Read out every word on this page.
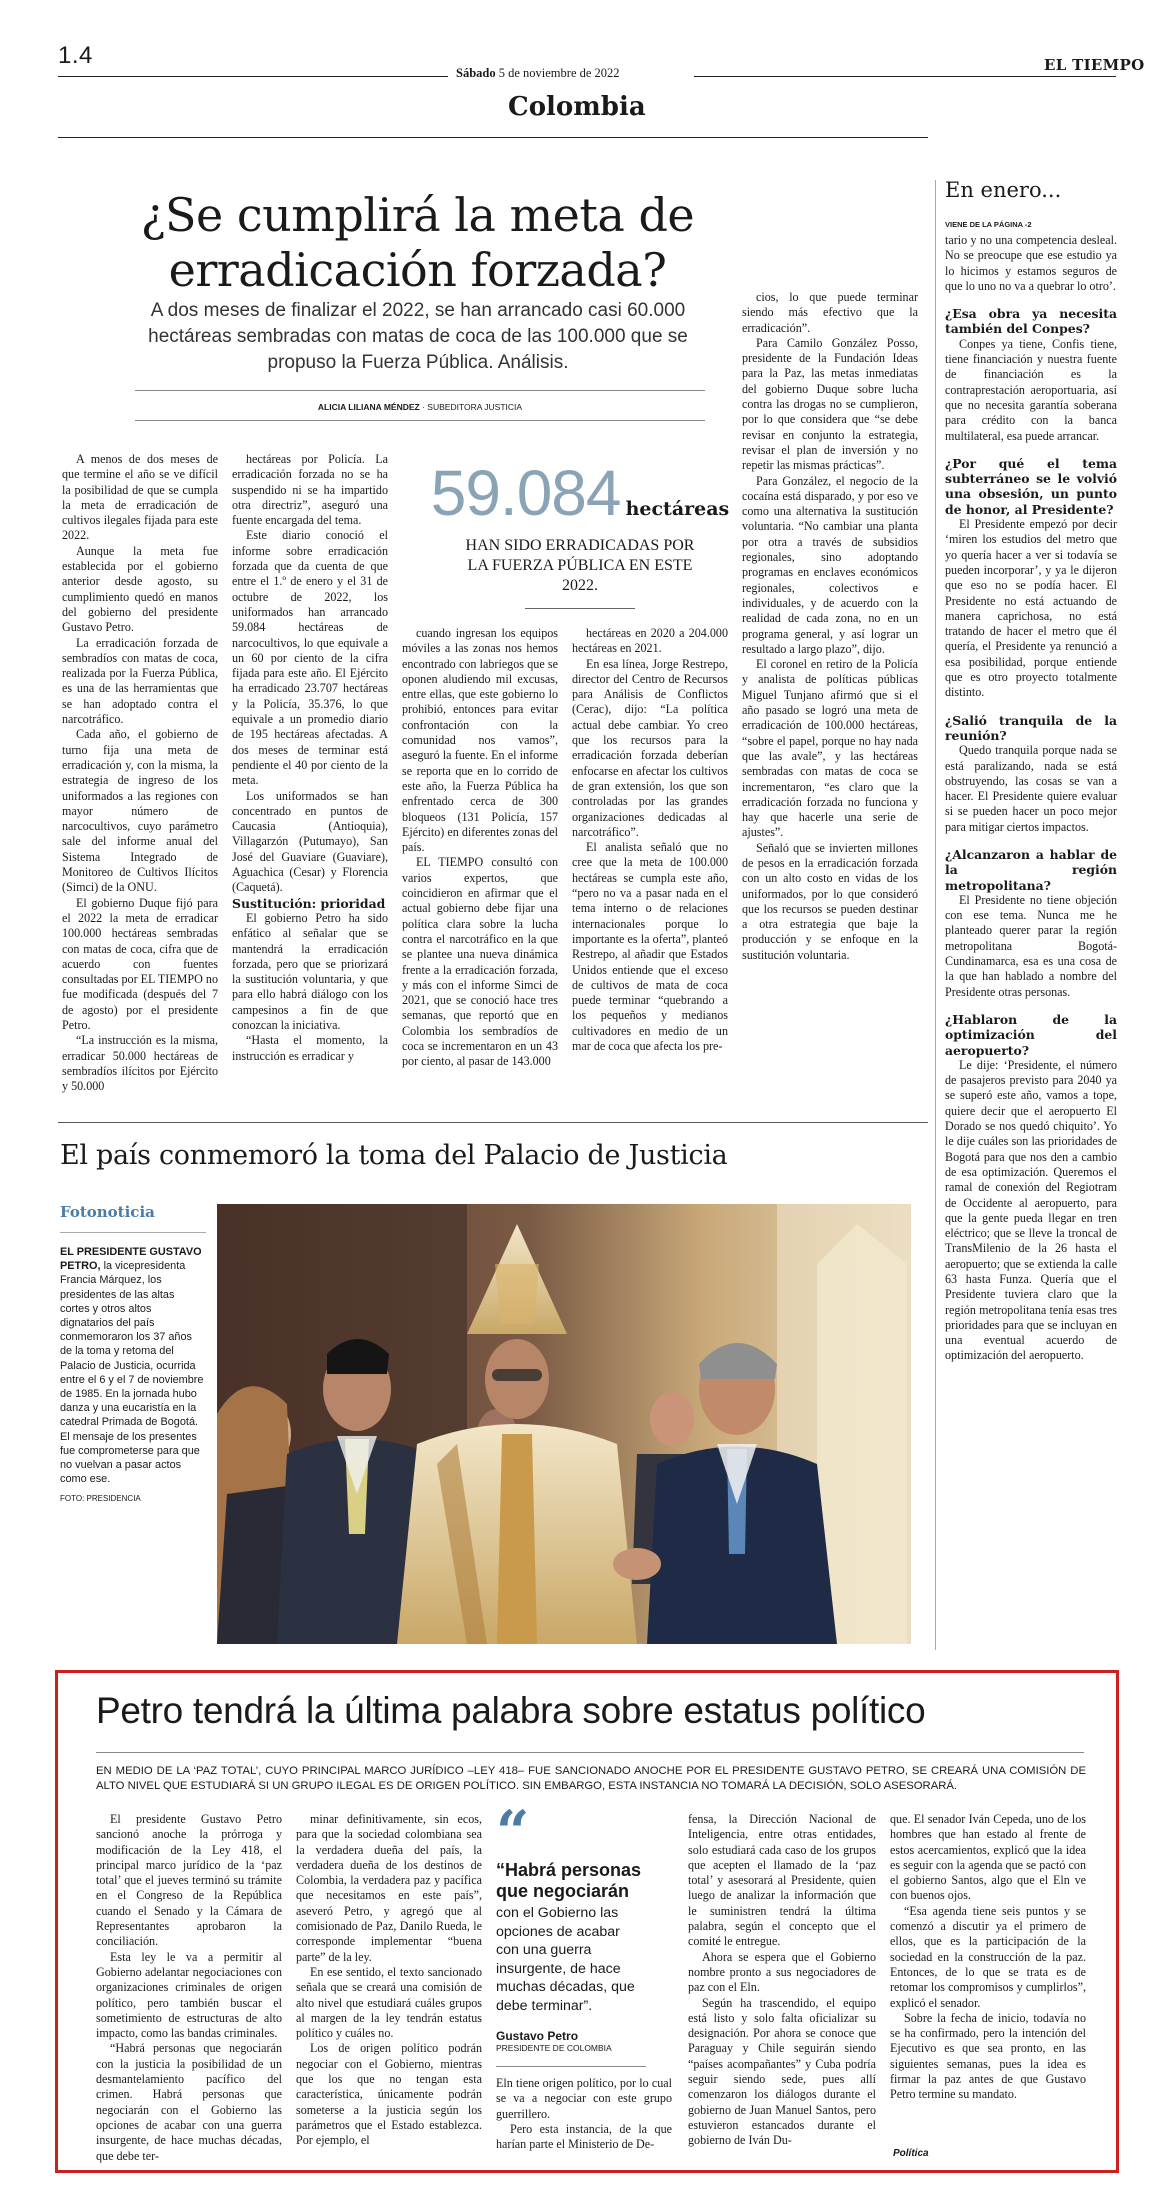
1.4
Sábado 5 de noviembre de 2022	EL TIEMPO
Colombia
¿Se cumplirá la meta de
erradicación forzada?
A dos meses de finalizar el 2022, se han arrancado casi 60.000 hectáreas sembradas con matas de coca de las 100.000 que se propuso la Fuerza Pública. Análisis.
ALICIA LILIANA MÉNDEZ · SUBEDITORA JUSTICIA

A menos de dos meses de que termine el año se ve difícil la posibilidad de que se cumpla la meta de erradicación de cultivos ilegales fijada para este 2022.

Aunque la meta fue establecida por el gobierno anterior desde agosto, su cumplimiento quedó en manos del gobierno del presidente Gustavo Petro.

La erradicación forzada de sembradíos con matas de coca, realizada por la Fuerza Pública, es una de las herramientas que se han adoptado contra el narcotráfico.

Cada año, el gobierno de turno fija una meta de erradicación y, con la misma, la estrategia de ingreso de los uniformados a las regiones con mayor número de narcocultivos, cuyo parámetro sale del informe anual del Sistema Integrado de Monitoreo de Cultivos Ilícitos (Simci) de la ONU.

El gobierno Duque fijó para el 2022 la meta de erradicar 100.000 hectáreas sembradas con matas de coca, cifra que de acuerdo con fuentes consultadas por EL TIEMPO no fue modificada (después del 7 de agosto) por el presidente Petro.

“La instrucción es la misma, erradicar 50.000 hectáreas de sembradíos ilícitos por Ejército y 50.000

hectáreas por Policía. La erradicación forzada no se ha suspendido ni se ha impartido otra directriz”, aseguró una fuente encargada del tema.

Este diario conoció el informe sobre erradicación forzada que da cuenta de que entre el 1.º de enero y el 31 de octubre de 2022, los uniformados han arrancado 59.084 hectáreas de narcocultivos, lo que equivale a un 60 por ciento de la cifra fijada para este año. El Ejército ha erradicado 23.707 hectáreas y la Policía, 35.376, lo que equivale a un promedio diario de 195 hectáreas afectadas. A dos meses de terminar está pendiente el 40 por ciento de la meta.

Los uniformados se han concentrado en puntos de Caucasia (Antioquia), Villagarzón (Putumayo), San José del Guaviare (Guaviare), Aguachica (Cesar) y Florencia (Caquetá).

Sustitución: prioridad

El gobierno Petro ha sido enfático al señalar que se mantendrá la erradicación forzada, pero que se priorizará la sustitución voluntaria, y que para ello habrá diálogo con los campesinos a fin de que conozcan la iniciativa.

“Hasta el momento, la instrucción es erradicar y

59.084 hectáreas
HAN SIDO ERRADICADAS POR LA FUERZA PÚBLICA EN ESTE 2022.

cuando ingresan los equipos móviles a las zonas nos hemos encontrado con labriegos que se oponen aludiendo mil excusas, entre ellas, que este gobierno lo prohibió, entonces para evitar confrontación con la comunidad nos vamos”, aseguró la fuente. En el informe se reporta que en lo corrido de este año, la Fuerza Pública ha enfrentado cerca de 300 bloqueos (131 Policía, 157 Ejército) en diferentes zonas del país.

EL TIEMPO consultó con varios expertos, que coincidieron en afirmar que el actual gobierno debe fijar una política clara sobre la lucha contra el narcotráfico en la que se plantee una nueva dinámica frente a la erradicación forzada, y más con el informe Simci de 2021, que se conoció hace tres semanas, que reportó que en Colombia los sembradíos de coca se incrementaron en un 43 por ciento, al pasar de 143.000

hectáreas en 2020 a 204.000 hectáreas en 2021.

En esa línea, Jorge Restrepo, director del Centro de Recursos para Análisis de Conflictos (Cerac), dijo: “La política actual debe cambiar. Yo creo que los recursos para la erradicación forzada deberían enfocarse en afectar los cultivos de gran extensión, los que son controladas por las grandes organizaciones dedicadas al narcotráfico”.

El analista señaló que no cree que la meta de 100.000 hectáreas se cumpla este año, “pero no va a pasar nada en el tema interno o de relaciones internacionales porque lo importante es la oferta”, planteó Restrepo, al añadir que Estados Unidos entiende que el exceso de cultivos de mata de coca puede terminar “quebrando a los pequeños y medianos cultivadores en medio de un mar de coca que afecta los pre-

cios, lo que puede terminar siendo más efectivo que la erradicación”.

Para Camilo González Posso, presidente de la Fundación Ideas para la Paz, las metas inmediatas del gobierno Duque sobre lucha contra las drogas no se cumplieron, por lo que considera que “se debe revisar en conjunto la estrategia, revisar el plan de inversión y no repetir las mismas prácticas”.

Para González, el negocio de la cocaína está disparado, y por eso ve como una alternativa la sustitución voluntaria. “No cambiar una planta por otra a través de subsidios regionales, sino adoptando programas en enclaves económicos regionales, colectivos e individuales, y de acuerdo con la realidad de cada zona, no en un programa general, y así lograr un resultado a largo plazo”, dijo.

El coronel en retiro de la Policía y analista de políticas públicas Miguel Tunjano afirmó que si el año pasado se logró una meta de erradicación de 100.000 hectáreas, “sobre el papel, porque no hay nada que las avale”, y las hectáreas sembradas con matas de coca se incrementaron, “es claro que la erradicación forzada no funciona y hay que hacerle una serie de ajustes”.

Señaló que se invierten millones de pesos en la erradicación forzada con un alto costo en vidas de los uniformados, por lo que consideró que los recursos se pueden destinar a otra estrategia que baje la producción y se enfoque en la sustitución voluntaria.

En enero...
VIENE DE LA PÁGINA -2

tario y no una competencia desleal. No se preocupe que ese estudio ya lo hicimos y estamos seguros de que lo uno no va a quebrar lo otro’.

¿Esa obra ya necesita también del Conpes?

Conpes ya tiene, Confis tiene, tiene financiación y nuestra fuente de financiación es la contraprestación aeroportuaria, así que no necesita garantía soberana para crédito con la banca multilateral, esa puede arrancar.

¿Por qué el tema subterráneo se le volvió una obsesión, un punto de honor, al Presidente?

El Presidente empezó por decir ‘miren los estudios del metro que yo quería hacer a ver si todavía se pueden incorporar’, y ya le dijeron que eso no se podía hacer. El Presidente no está actuando de manera caprichosa, no está tratando de hacer el metro que él quería, el Presidente ya renunció a esa posibilidad, porque entiende que es otro proyecto totalmente distinto.

¿Salió tranquila de la reunión?

Quedo tranquila porque nada se está paralizando, nada se está obstruyendo, las cosas se van a hacer. El Presidente quiere evaluar si se pueden hacer un poco mejor para mitigar ciertos impactos.

¿Alcanzaron a hablar de la región metropolitana?

El Presidente no tiene objeción con ese tema. Nunca me he planteado querer parar la región metropolitana Bogotá-Cundinamarca, esa es una cosa de la que han hablado a nombre del Presidente otras personas.

¿Hablaron de la optimización del aeropuerto?

Le dije: ‘Presidente, el número de pasajeros previsto para 2040 ya se superó este año, vamos a tope, quiere decir que el aeropuerto El Dorado se nos quedó chiquito’. Yo le dije cuáles son las prioridades de Bogotá para que nos den a cambio de esa optimización. Queremos el ramal de conexión del Regiotram de Occidente al aeropuerto, para que la gente pueda llegar en tren eléctrico; que se lleve la troncal de TransMilenio de la 26 hasta el aeropuerto; que se extienda la calle 63 hasta Funza. Quería que el Presidente tuviera claro que la región metropolitana tenía esas tres prioridades para que se incluyan en una eventual acuerdo de optimización del aeropuerto.

El país conmemoró la toma del Palacio de Justicia
Fotonoticia
EL PRESIDENTE GUSTAVO PETRO, la vicepresidenta Francia Márquez, los presidentes de las altas cortes y otros altos dignatarios del país conmemoraron los 37 años de la toma y retoma del Palacio de Justicia, ocurrida entre el 6 y el 7 de noviembre de 1985. En la jornada hubo danza y una eucaristía en la catedral Primada de Bogotá. El mensaje de los presentes fue comprometerse para que no vuelvan a pasar actos como ese.
FOTO: PRESIDENCIA
Petro tendrá la última palabra sobre estatus político
EN MEDIO DE LA ‘PAZ TOTAL’, CUYO PRINCIPAL MARCO JURÍDICO –LEY 418– FUE SANCIONADO ANOCHE POR EL PRESIDENTE GUSTAVO PETRO, SE CREARÁ UNA COMISIÓN DE ALTO NIVEL QUE ESTUDIARÁ SI UN GRUPO ILEGAL ES DE ORIGEN POLÍTICO. SIN EMBARGO, ESTA INSTANCIA NO TOMARÁ LA DECISIÓN, SOLO ASESORARÁ.

El presidente Gustavo Petro sancionó anoche la prórroga y modificación de la Ley 418, el principal marco jurídico de la ‘paz total’ que el jueves terminó su trámite en el Congreso de la República cuando el Senado y la Cámara de Representantes aprobaron la conciliación.

Esta ley le va a permitir al Gobierno adelantar negociaciones con organizaciones criminales de origen político, pero también buscar el sometimiento de estructuras de alto impacto, como las bandas criminales.

“Habrá personas que negociarán con la justicia la posibilidad de un desmantelamiento pacífico del crimen. Habrá personas que negociarán con el Gobierno las opciones de acabar con una guerra insurgente, de hace muchas décadas, que debe ter-

minar definitivamente, sin ecos, para que la sociedad colombiana sea la verdadera dueña del país, la verdadera dueña de los destinos de Colombia, la verdadera paz y pacífica que necesitamos en este país”, aseveró Petro, y agregó que al comisionado de Paz, Danilo Rueda, le corresponde implementar “buena parte” de la ley.

En ese sentido, el texto sancionado señala que se creará una comisión de alto nivel que estudiará cuáles grupos al margen de la ley tendrán estatus político y cuáles no.

Los de origen político podrán negociar con el Gobierno, mientras que los que no tengan esta característica, únicamente podrán someterse a la justicia según los parámetros que el Estado establezca. Por ejemplo, el

“
“Habrá personas que negociarán
con el Gobierno las opciones de acabar con una guerra insurgente, de hace muchas décadas, que debe terminar”.
Gustavo Petro
PRESIDENTE DE COLOMBIA

Eln tiene origen político, por lo cual se va a negociar con este grupo guerrillero.

Pero esta instancia, de la que harían parte el Ministerio de De-

fensa, la Dirección Nacional de Inteligencia, entre otras entidades, solo estudiará cada caso de los grupos que acepten el llamado de la ‘paz total’ y asesorará al Presidente, quien luego de analizar la información que le suministren tendrá la última palabra, según el concepto que el comité le entregue.

Ahora se espera que el Gobierno nombre pronto a sus negociadores de paz con el Eln.

Según ha trascendido, el equipo está listo y solo falta oficializar su designación. Por ahora se conoce que Paraguay y Chile seguirán siendo “países acompañantes” y Cuba podría seguir siendo sede, pues allí comenzaron los diálogos durante el gobierno de Juan Manuel Santos, pero estuvieron estancados durante el gobierno de Iván Du-

que. El senador Iván Cepeda, uno de los hombres que han estado al frente de estos acercamientos, explicó que la idea es seguir con la agenda que se pactó con el gobierno Santos, algo que el Eln ve con buenos ojos.

“Esa agenda tiene seis puntos y se comenzó a discutir ya el primero de ellos, que es la participación de la sociedad en la construcción de la paz. Entonces, de lo que se trata es de retomar los compromisos y cumplirlos”, explicó el senador.

Sobre la fecha de inicio, todavía no se ha confirmado, pero la intención del Ejecutivo es que sea pronto, en las siguientes semanas, pues la idea es firmar la paz antes de que Gustavo Petro termine su mandato.

Política
